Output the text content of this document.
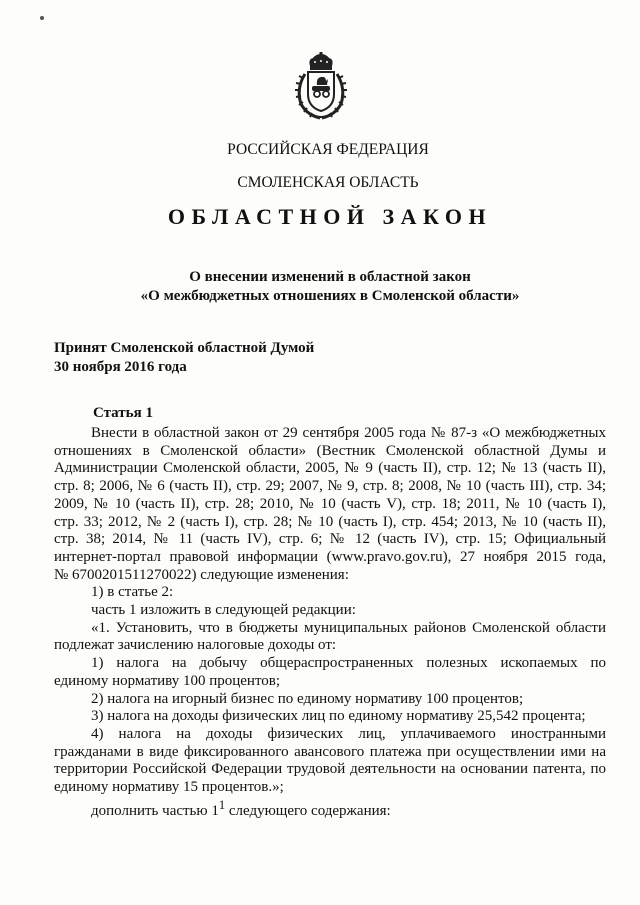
РОССИЙСКАЯ ФЕДЕРАЦИЯ
СМОЛЕНСКАЯ ОБЛАСТЬ
ОБЛАСТНОЙ ЗАКОН
О внесении изменений в областной закон
«О межбюджетных отношениях в Смоленской области»
Принят Смоленской областной Думой
30 ноября 2016 года
Статья 1

Внести в областной закон от 29 сентября 2005 года № 87-з «О межбюджетных

отношениях в Смоленской области» (Вестник Смоленской областной Думы и

Администрации Смоленской области, 2005, № 9 (часть II), стр. 12; № 13 (часть II),

стр. 8; 2006, № 6 (часть II), стр. 29; 2007, № 9, стр. 8; 2008, № 10 (часть III), стр. 34;

2009, № 10 (часть II), стр. 28; 2010, № 10 (часть V), стр. 18; 2011, № 10 (часть I),

стр. 33; 2012, № 2 (часть I), стр. 28; № 10 (часть I), стр. 454; 2013, № 10 (часть II),

стр. 38; 2014, № 11 (часть IV), стр. 6; № 12 (часть IV), стр. 15; Официальный

интернет-портал правовой информации (www.pravo.gov.ru), 27 ноября 2015 года,

№ 6700201511270022) следующие изменения:

1) в статье 2:

часть 1 изложить в следующей редакции:

«1. Установить, что в бюджеты муниципальных районов Смоленской области

подлежат зачислению налоговые доходы от:

1) налога на добычу общераспространенных полезных ископаемых по

единому нормативу 100 процентов;

2) налога на игорный бизнес по единому нормативу 100 процентов;

3) налога на доходы физических лиц по единому нормативу 25,542 процента;

4) налога на доходы физических лиц, уплачиваемого иностранными

гражданами в виде фиксированного авансового платежа при осуществлении ими на

территории Российской Федерации трудовой деятельности на основании патента, по

единому нормативу 15 процентов.»;

дополнить частью $1^1$ следующего содержания:
